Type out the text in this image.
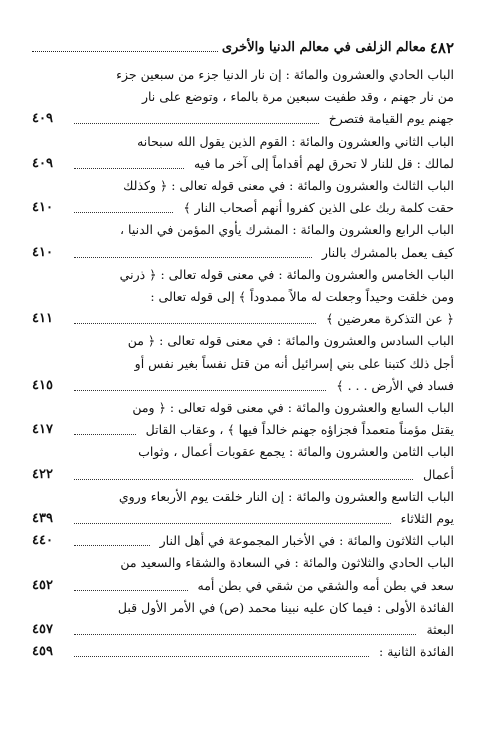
٤٨٢
معالم الزلفى في معالم الدنيا والأخرى
الباب الحادي والعشرون والمائة : إن نار الدنيا جزء من سبعين جزء
من نار جهنم ، وقد طفيت سبعين مرة بالماء ، وتوضع على نار
جهنم يوم القيامة فتصرخ
٤٠٩
الباب الثاني والعشرون والمائة : القوم الذين يقول الله سبحانه
لمالك : قل للنار لا تحرق لهم أقداماً إلى آخر ما فيه
٤٠٩
الباب الثالث والعشرون والمائة : في معنى قوله تعالى : ﴿ وكذلك
حقت كلمة ربك على الذين كفروا أنهم أصحاب النار ﴾
٤١٠
الباب الرابع والعشرون والمائة : المشرك يأوي المؤمن في الدنيا ،
كيف يعمل بالمشرك بالنار
٤١٠
الباب الخامس والعشرون والمائة : في معنى قوله تعالى : ﴿ ذرني
ومن خلقت وحيداً وجعلت له مالاً ممدوداً ﴾ إلى قوله تعالى :
﴿ عن التذكرة معرضين ﴾
٤١١
الباب السادس والعشرون والمائة : في معنى قوله تعالى : ﴿ من
أجل ذلك كتبنا على بني إسرائيل أنه من قتل نفساً بغير نفس أو
فساد في الأرض . . . ﴾
٤١٥
الباب السابع والعشرون والمائة : في معنى قوله تعالى : ﴿ ومن
يقتل مؤمناً متعمداً فجزاؤه جهنم خالداً فيها ﴾ ، وعقاب القاتل
٤١٧
الباب الثامن والعشرون والمائة : يجمع عقوبات أعمال ، وثواب
أعمال
٤٢٢
الباب التاسع والعشرون والمائة : إن النار خلقت يوم الأربعاء وروي
يوم الثلاثاء
٤٣٩
الباب الثلاثون والمائة : في الأخبار المجموعة في أهل النار
٤٤٠
الباب الحادي والثلاثون والمائة : في السعادة والشقاء والسعيد من
سعد في بطن أمه والشقي من شقي في بطن أمه
٤٥٢
الفائدة الأولى : فيما كان عليه نبينا محمد (ص) في الأمر الأول قبل
البعثة
٤٥٧
الفائدة الثانية :
٤٥٩
